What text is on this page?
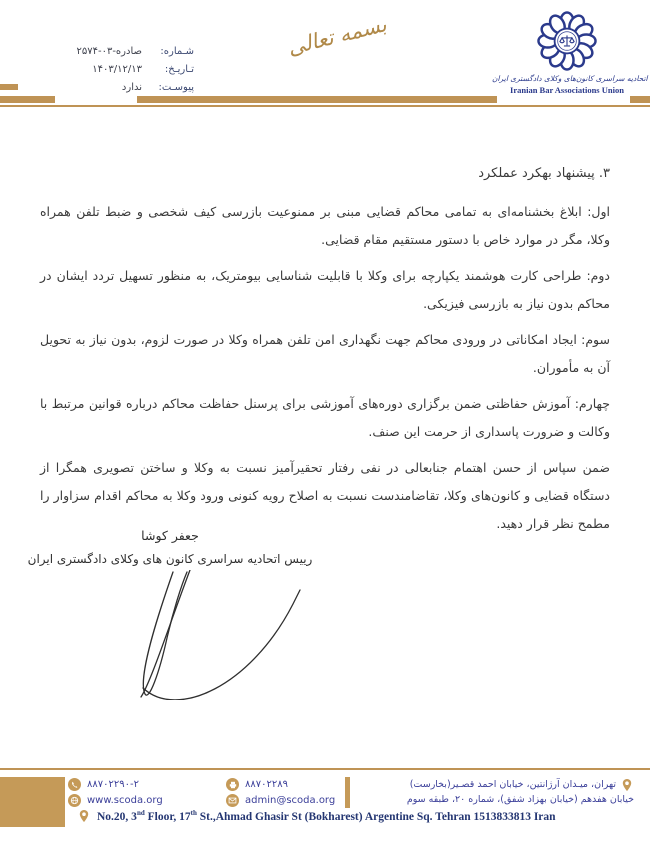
شـماره:
۲۵۷۴-صادره-۰۳
تـاریـخ:
۱۴۰۳/۱۲/۱۳
پیوسـت:
ندارد
بسمه تعالی
اتحادیه سراسری کانون‌های وکلای دادگستری ایران
Iranian Bar Associations Union
۳. پیشنهاد بهکرد عملکرد

اول: ابلاغ بخشنامه‌ای به تمامی محاکم قضایی مبنی بر ممنوعیت بازرسی کیف شخصی و ضبط تلفن همراه وکلا، مگر در موارد خاص با دستور مستقیم مقام قضایی.

دوم: طراحی کارت هوشمند یکپارچه برای وکلا با قابلیت شناسایی بیومتریک، به منظور تسهیل تردد ایشان در محاکم بدون نیاز به بازرسی فیزیکی.

سوم: ایجاد امکاناتی در ورودی محاکم جهت نگهداری امن تلفن همراه وکلا در صورت لزوم، بدون نیاز به تحویل آن به مأموران.

چهارم: آموزش حفاظتی ضمن برگزاری دوره‌های آموزشی برای پرسنل حفاظت محاکم درباره قوانین مرتبط با وکالت و ضرورت پاسداری از حرمت این صنف.

ضمن سپاس از حسن اهتمام جنابعالی در نفی رفتار تحقیرآمیز نسبت به وکلا و ساختن تصویری همگرا از دستگاه قضایی و کانون‌های وکلا، تقاضامندست نسبت به اصلاح رویه کنونی ورود وکلا به محاکم اقدام سزاوار را مطمح نظر قرار دهید.

جعفر کوشا
رییس اتحادیه سراسری کانون های وکلای دادگستری ایران
۸۸۷۰۲۲۹۰-۲	۸۸۷۰۲۲۸۹
www.scoda.org	admin@scoda.org
تهران، میـدان آرژانتین، خیابان احمد قصـیر(بخارست)
خیابان هفدهم (خیابان بهزاد شفق)، شماره ۲۰، طبقه سوم
No.20, 3nd Floor, 17th St.,Ahmad Ghasir St (Bokharest) Argentine Sq. Tehran 1513833813 Iran
